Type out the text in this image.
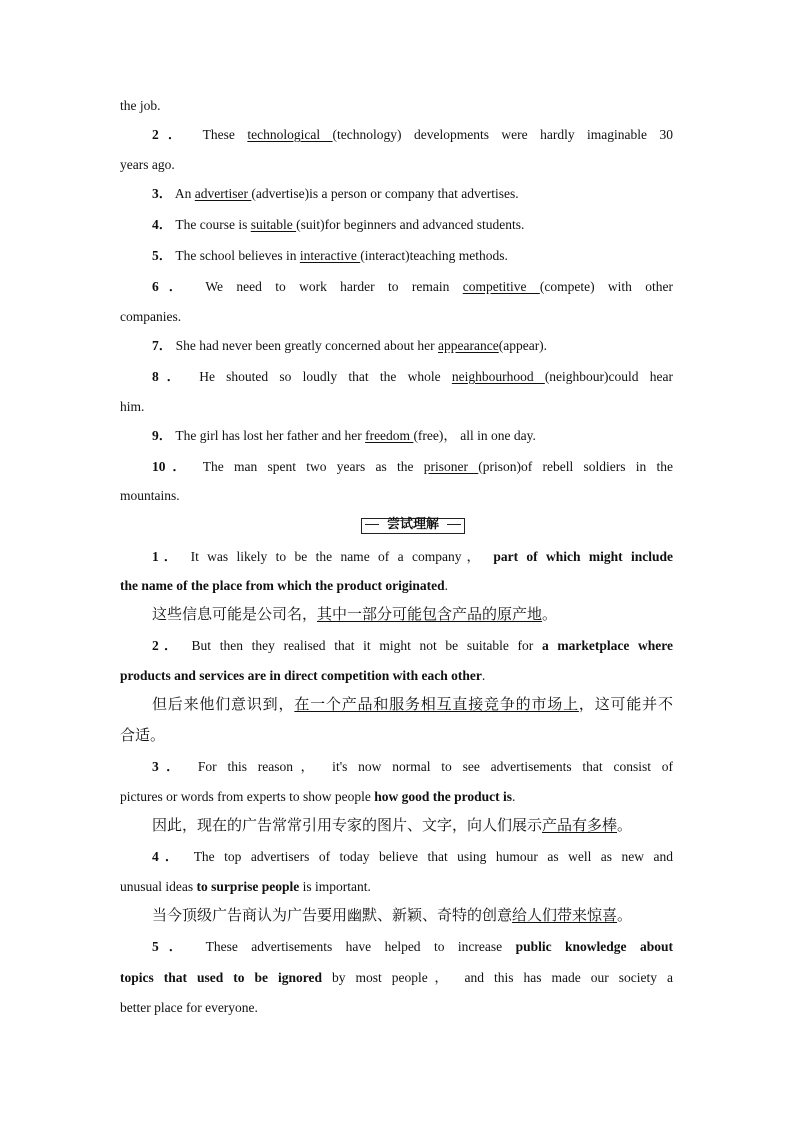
the job.
2． These technological (technology) developments were hardly imaginable 30
years ago.
3． An advertiser (advertise)is a person or company that advertises.
4． The course is suitable (suit)for beginners and advanced students.
5． The school believes in interactive (interact)teaching methods.
6． We need to work harder to remain competitive (compete) with other
companies.
7． She had never been greatly concerned about her appearance(appear).
8． He shouted so loudly that the whole neighbourhood (neighbour)could hear
him.
9． The girl has lost her father and her freedom (free)， all in one day.
10． The man spent two years as the prisoner (prison)of rebell soldiers in the
mountains.
尝试理解
1． It was likely to be the name of a company， part of which might include
the name of the place from which the product originated.
这些信息可能是公司名，其中一部分可能包含产品的原产地。
2． But then they realised that it might not be suitable for a marketplace where
products and services are in direct competition with each other.
但后来他们意识到，在一个产品和服务相互直接竞争的市场上，这可能并不
合适。
3． For this reason， it's now normal to see advertisements that consist of
pictures or words from experts to show people how good the product is.
因此，现在的广告常常引用专家的图片、文字，向人们展示产品有多棒。
4． The top advertisers of today believe that using humour as well as new and
unusual ideas to surprise people is important.
当今顶级广告商认为广告要用幽默、新颖、奇特的创意给人们带来惊喜。
5． These advertisements have helped to increase public knowledge about
topics that used to be ignored by most people， and this has made our society a
better place for everyone.
